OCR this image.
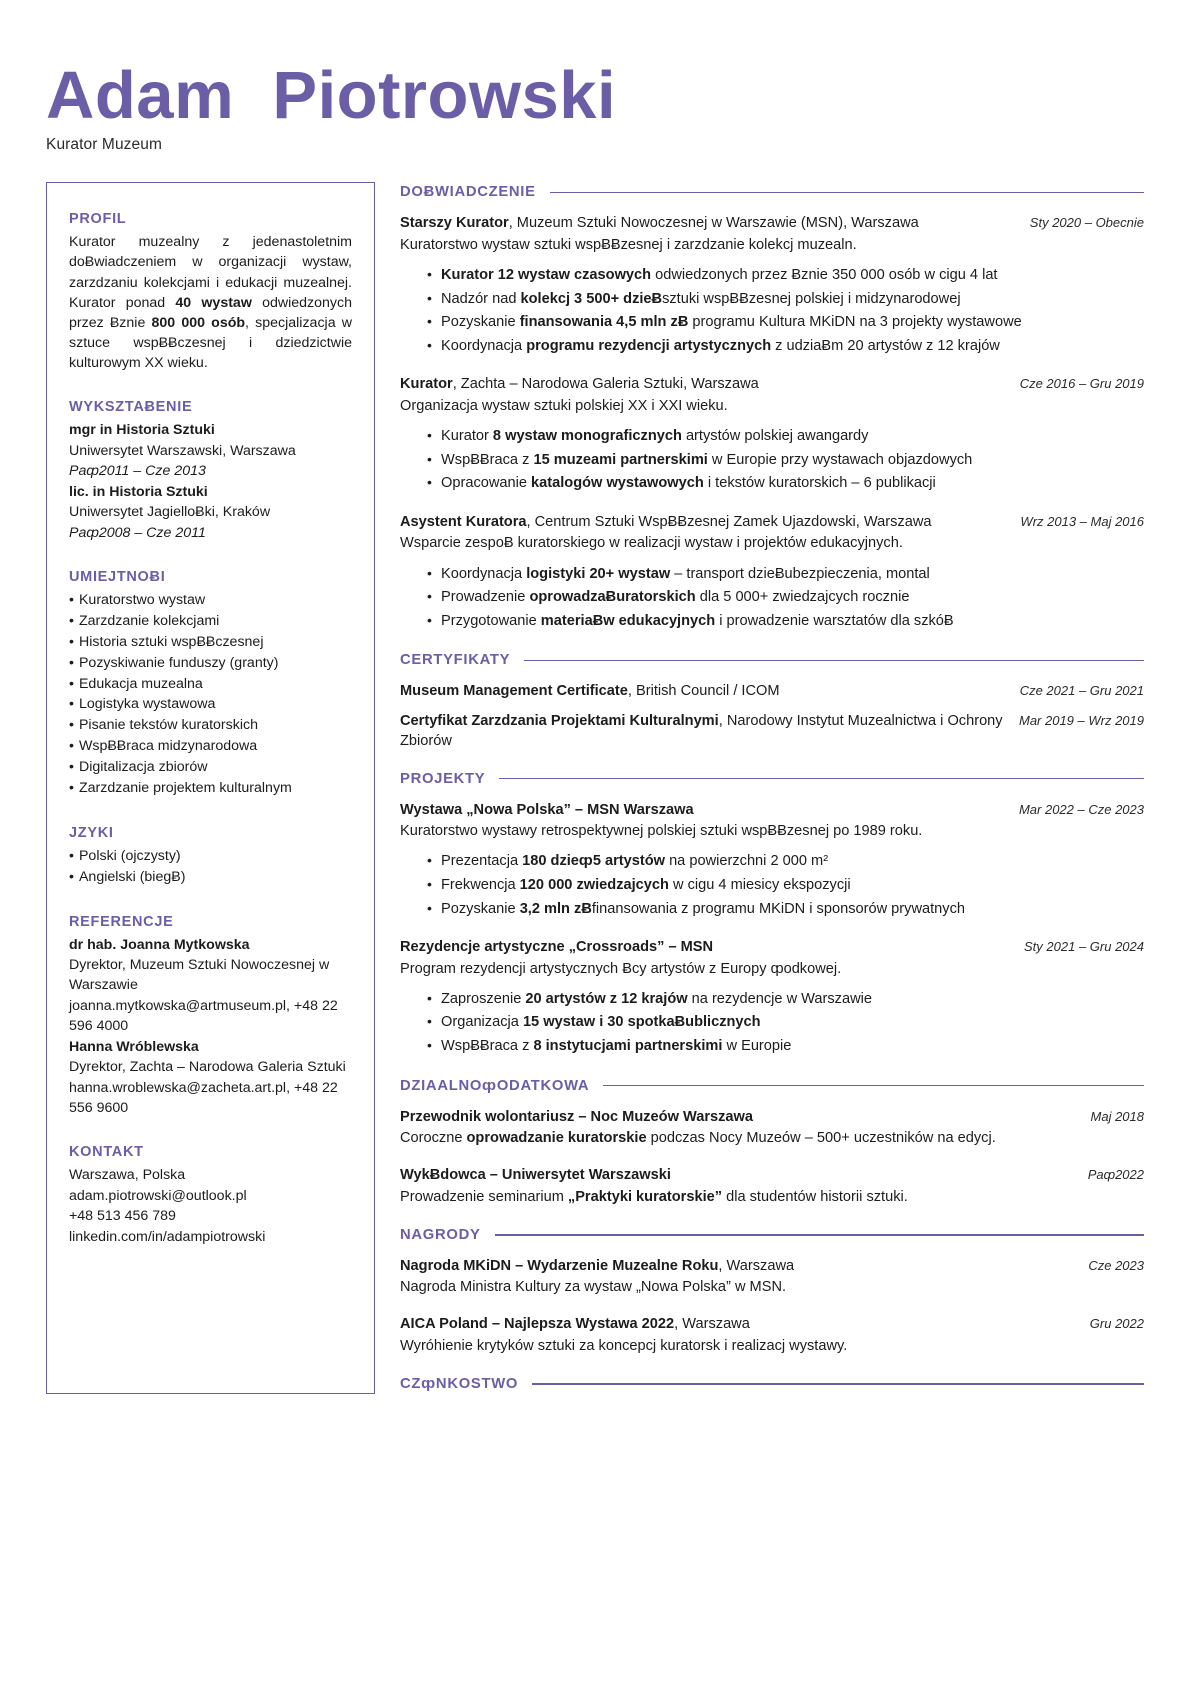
Adam  Piotrowski
Kurator Muzeum
PROFIL

Kurator muzealny z jedenastoletnim doɃwiadczeniem w organizacji wystaw, zarzdzaniu kolekcjami i edukacji muzealnej. Kurator ponad 40 wystaw odwiedzonych przez Ƀznie 800 000 osób, specjalizacja w sztuce wspɃɃczesnej i dziedzictwie kulturowym XX wieku.

WYKSZTAɃENIE
mgr in Historia Sztuki
Uniwersytet Warszawski, Warszawa
Paȹ2011 – Cze 2013
lic. in Historia Sztuki
Uniwersytet JagielloɃki, Kraków
Paȹ2008 – Cze 2011
UMIEJTNOɃI
• Kuratorstwo wystaw
• Zarzdzanie kolekcjami
• Historia sztuki wspɃɃczesnej
• Pozyskiwanie funduszy (granty)
• Edukacja muzealna
• Logistyka wystawowa
• Pisanie tekstów kuratorskich
• WspɃɃraca midzynarodowa
• Digitalizacja zbiorów
• Zarzdzanie projektem kulturalnym
JZYKI
• Polski (ojczysty)
• Angielski (biegɃ)
REFERENCJE
dr hab. Joanna Mytkowska
Dyrektor, Muzeum Sztuki Nowoczesnej w Warszawie
joanna.mytkowska@artmuseum.pl, +48 22 596 4000
Hanna Wróblewska
Dyrektor, Zachta – Narodowa Galeria Sztuki
hanna.wroblewska@zacheta.art.pl, +48 22 556 9600
KONTAKT
Warszawa, Polska
adam.piotrowski@outlook.pl
+48 513 456 789
linkedin.com/in/adampiotrowski
DOɃWIADCZENIE
Starszy Kurator, Muzeum Sztuki Nowoczesnej w Warszawie (MSN), Warszawa	Sty 2020 – Obecnie
Kuratorstwo wystaw sztuki wspɃɃzesnej i zarzdzanie kolekcj muzealn.
• Kurator 12 wystaw czasowych odwiedzonych przez Ƀznie 350 000 osób w cigu 4 lat
• Nadzór nad kolekcj 3 500+ dzieɃsztuki wspɃɃzesnej polskiej i midzynarodowej
• Pozyskanie finansowania 4,5 mln zɃ programu Kultura MKiDN na 3 projekty wystawowe
• Koordynacja programu rezydencji artystycznych z udziaɃm 20 artystów z 12 krajów
Kurator, Zachta – Narodowa Galeria Sztuki, Warszawa	Cze 2016 – Gru 2019
Organizacja wystaw sztuki polskiej XX i XXI wieku.
• Kurator 8 wystaw monograficznych artystów polskiej awangardy
• WspɃɃraca z 15 muzeami partnerskimi w Europie przy wystawach objazdowych
• Opracowanie katalogów wystawowych i tekstów kuratorskich – 6 publikacji
Asystent Kuratora, Centrum Sztuki WspɃɃzesnej Zamek Ujazdowski, Warszawa	Wrz 2013 – Maj 2016
Wsparcie zespoɃ kuratorskiego w realizacji wystaw i projektów edukacyjnych.
• Koordynacja logistyki 20+ wystaw – transport dzieɃubezpieczenia, montal
• Prowadzenie oprowadzaɃuratorskich dla 5 000+ zwiedzajcych rocznie
• Przygotowanie materiaɃw edukacyjnych i prowadzenie warsztatów dla szkóɃ
CERTYFIKATY
Museum Management Certificate, British Council / ICOM	Cze 2021 – Gru 2021
Certyfikat Zarzdzania Projektami Kulturalnymi, Narodowy Instytut Muzealnictwa i Ochrony Zbiorów
Mar 2019 – Wrz 2019
PROJEKTY
Wystawa „Nowa Polska” – MSN Warszawa	Mar 2022 – Cze 2023
Kuratorstwo wystawy retrospektywnej polskiej sztuki wspɃɃzesnej po 1989 roku.
• Prezentacja 180 dzieȹ5 artystów na powierzchni 2 000 m²
• Frekwencja 120 000 zwiedzajcych w cigu 4 miesicy ekspozycji
• Pozyskanie 3,2 mln zɃfinansowania z programu MKiDN i sponsorów prywatnych
Rezydencje artystyczne „Crossroads” – MSN	Sty 2021 – Gru 2024
Program rezydencji artystycznych Ƀcy artystów z Europy ȹodkowej.
• Zaproszenie 20 artystów z 12 krajów na rezydencje w Warszawie
• Organizacja 15 wystaw i 30 spotkaɃublicznych
• WspɃɃraca z 8 instytucjami partnerskimi w Europie
DZIAALNOȹODATKOWA
Przewodnik wolontariusz – Noc Muzeów Warszawa	Maj 2018
Coroczne oprowadzanie kuratorskie podczas Nocy Muzeów – 500+ uczestników na edycj.
WykɃdowca – Uniwersytet Warszawski	Paȹ2022
Prowadzenie seminarium „Praktyki kuratorskie” dla studentów historii sztuki.
NAGRODY
Nagroda MKiDN – Wydarzenie Muzealne Roku, Warszawa	Cze 2023
Nagroda Ministra Kultury za wystaw „Nowa Polska” w MSN.
AICA Poland – Najlepsza Wystawa 2022, Warszawa	Gru 2022
Wyróhienie krytyków sztuki za koncepcj kuratorsk i realizacj wystawy.
CZȹNKOSTWO
